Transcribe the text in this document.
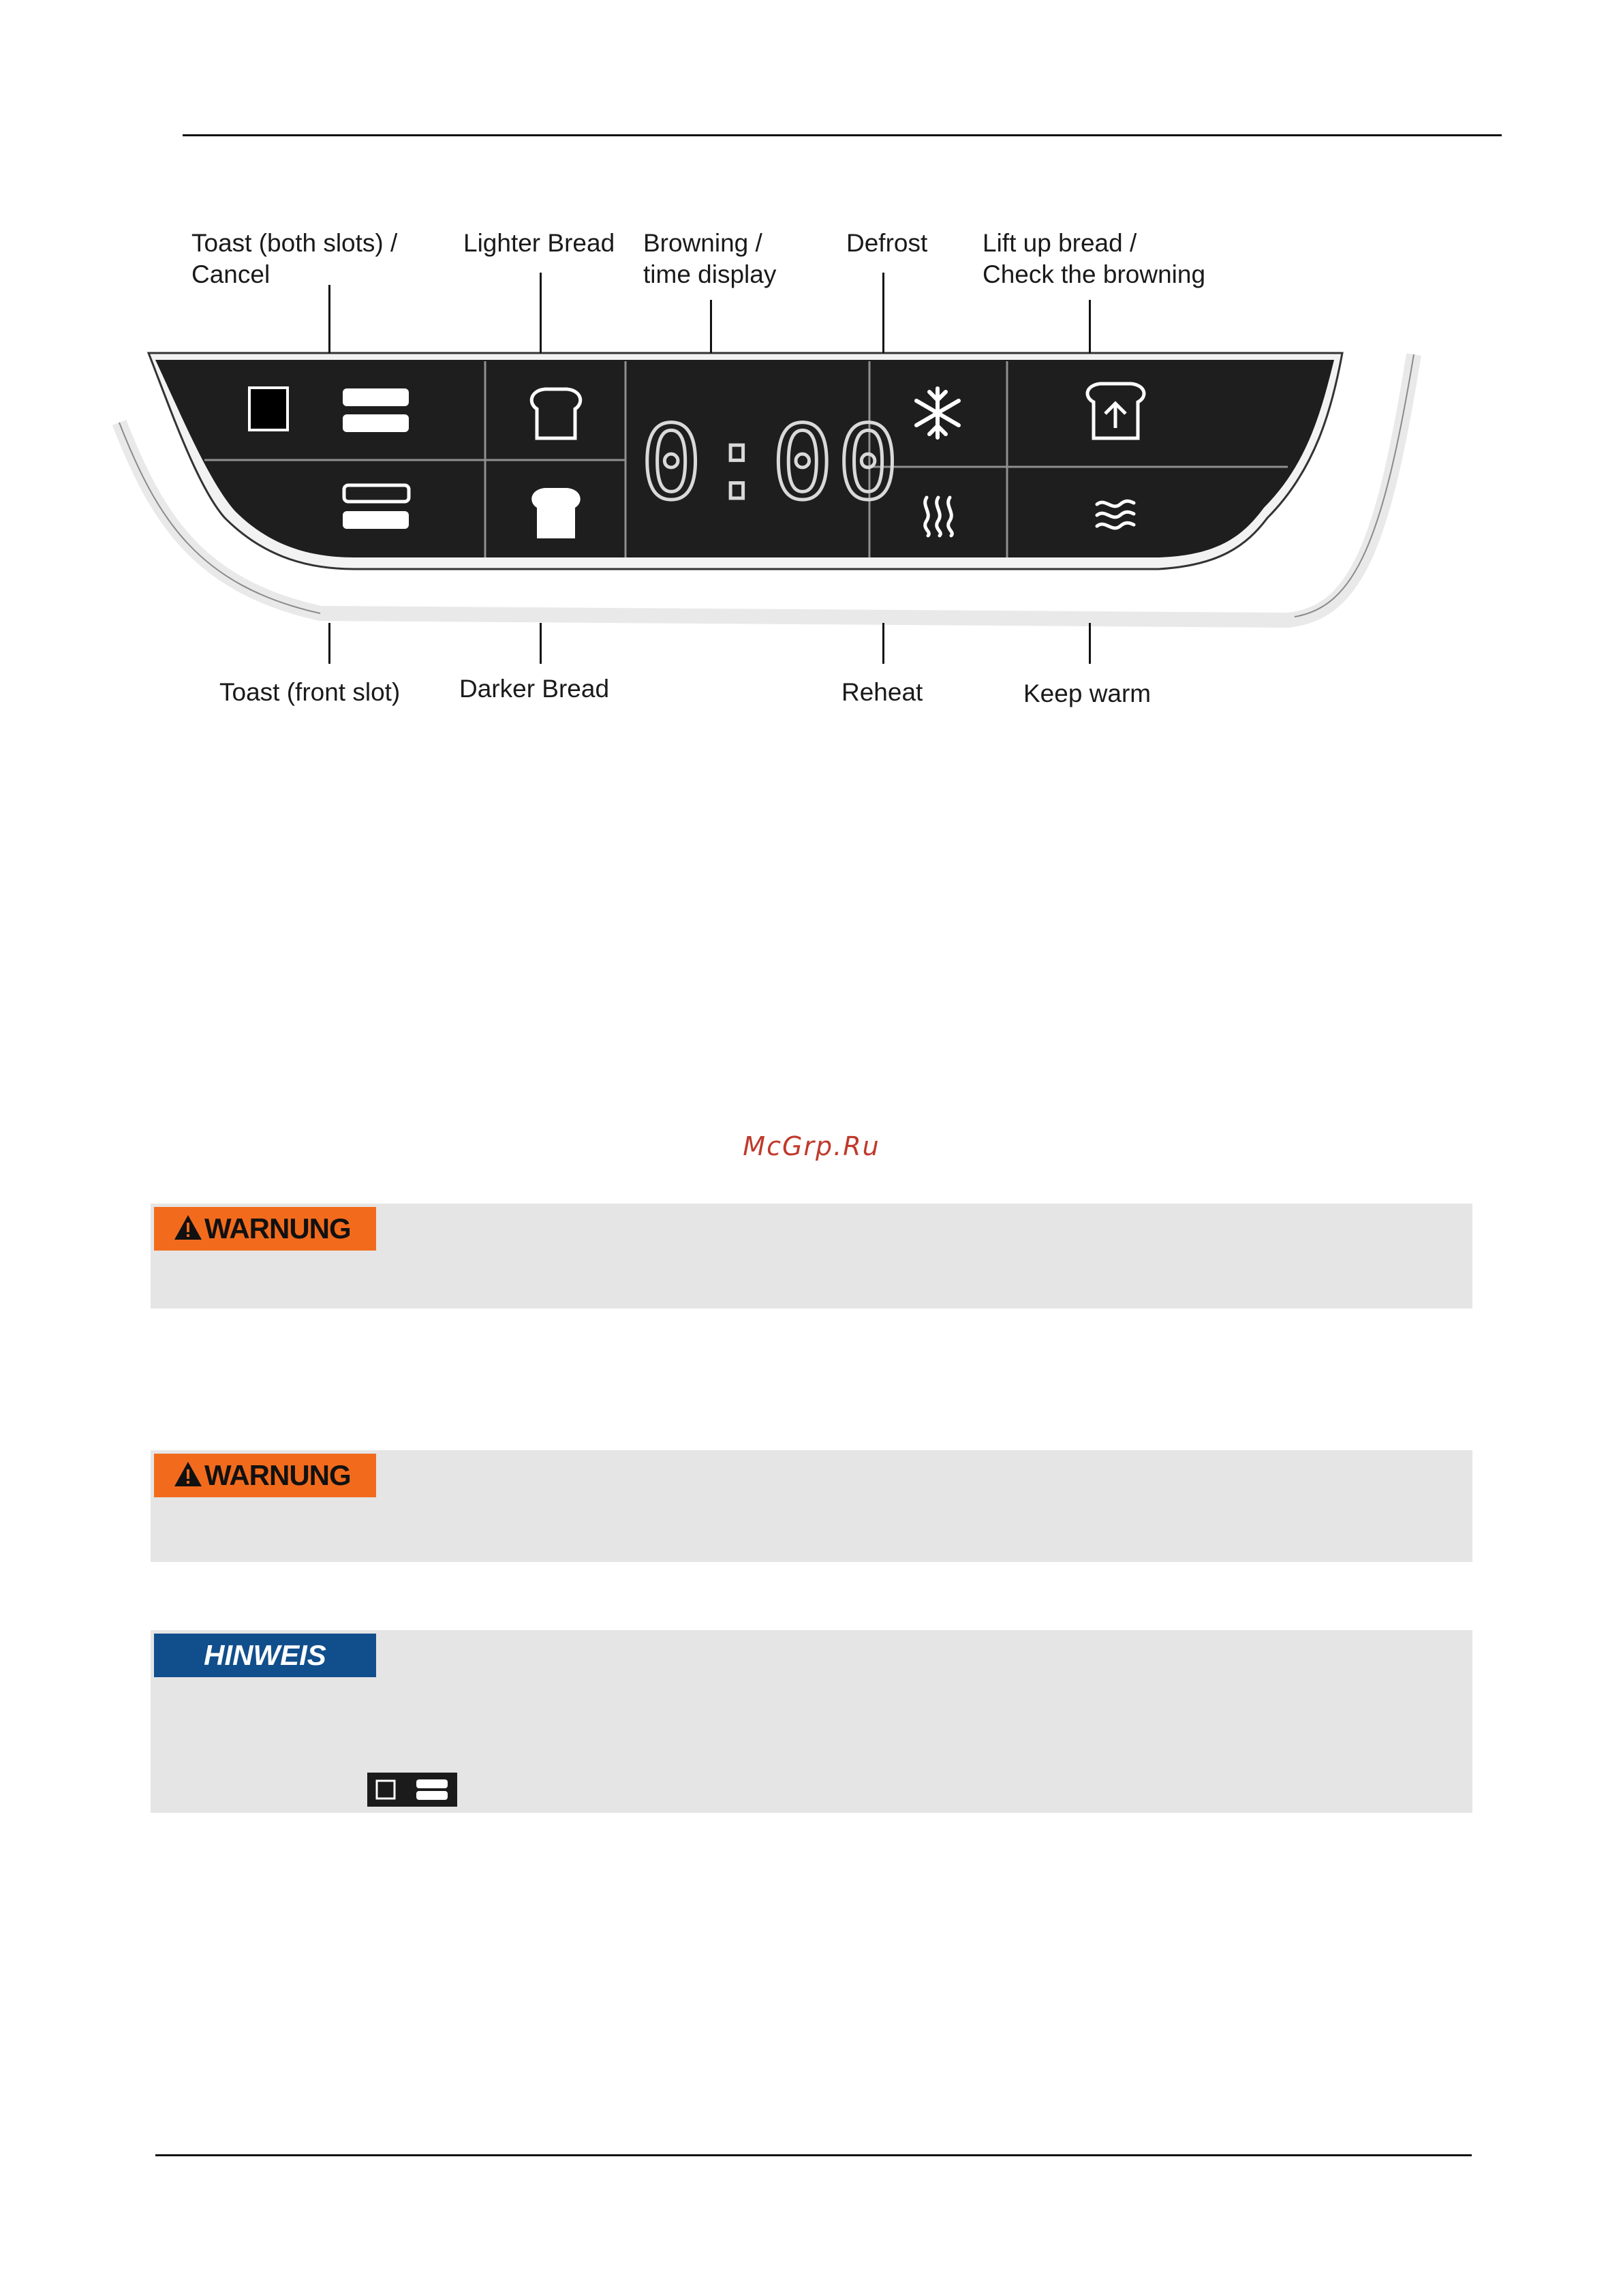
0:00
Toast (both slots) /
Cancel
Lighter Bread Browning /
time display
Defrost Lift up bread /
Check the browning
Toast (front slot) Darker Bread	Reheat	Keep warm
McGrp.Ru
WARNUNG
WARNUNG
HINWEIS
